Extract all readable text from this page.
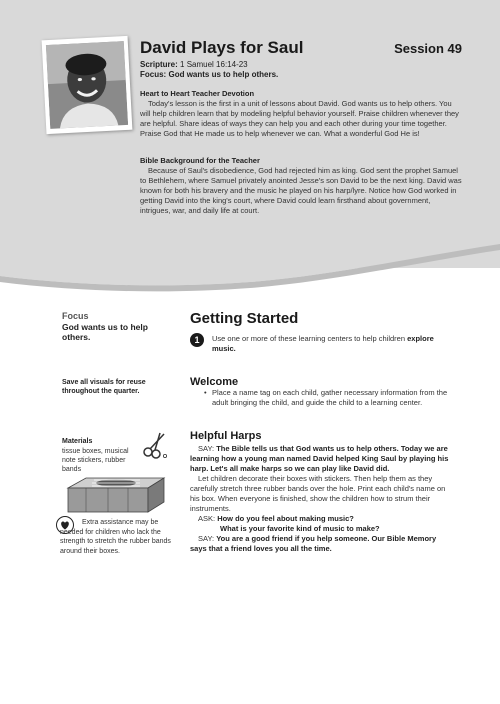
David Plays for Saul	Session 49
Scripture: 1 Samuel 16:14-23
Focus: God wants us to help others.
Heart to Heart Teacher Devotion
Today's lesson is the first in a unit of lessons about David. God wants us to help others. You will help children learn that by modeling helpful behavior yourself. Praise children whenever they are helpful. Share ideas of ways they can help you and each other during your time together. Praise God that He made us to help whenever we can. What a wonderful God He is!
Bible Background for the Teacher
Because of Saul's disobedience, God had rejected him as king. God sent the prophet Samuel to Bethlehem, where Samuel privately anointed Jesse's son David to be the next king. David was known for both his bravery and the music he played on his harp/lyre. Notice how God worked in getting David into the king's court, where David could learn firsthand about government, intrigues, war, and daily life at court.
Focus
God wants us to help others.
Save all visuals for reuse throughout the quarter.
Materials
tissue boxes, musical note stickers, rubber bands
Extra assistance may be needed for children who lack the strength to stretch the rubber bands around their boxes.
Getting Started
1	Use one or more of these learning centers to help children explore music.
Welcome
• Place a name tag on each child, gather necessary information from the adult bringing the child, and guide the child to a learning center.
Helpful Harps

SAY: The Bible tells us that God wants us to help others. Today we are learning how a young man named David helped King Saul by playing his harp. Let's all make harps so we can play like David did.

Let children decorate their boxes with stickers. Then help them as they carefully stretch three rubber bands over the hole. Print each child's name on his box. When everyone is finished, show the children how to strum their instruments.

ASK: How do you feel about making music?

What is your favorite kind of music to make?

SAY: You are a good friend if you help someone. Our Bible Memory says that a friend loves you all the time.
